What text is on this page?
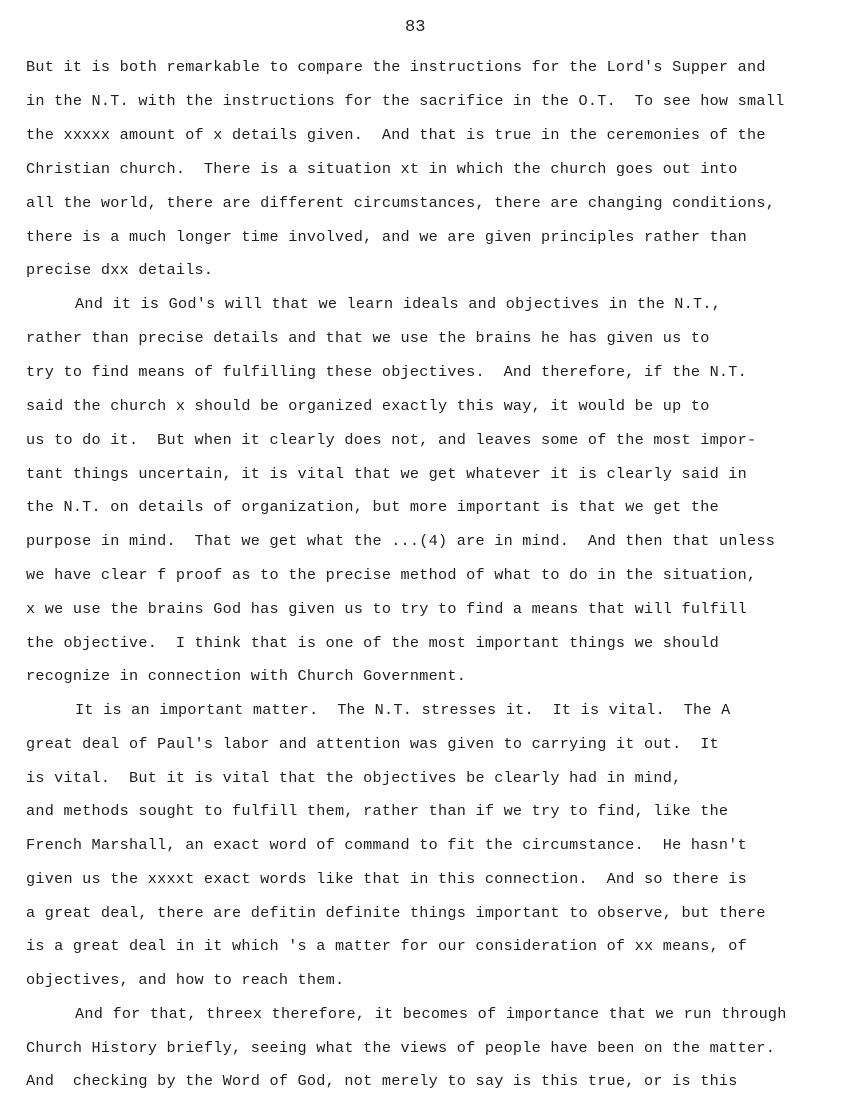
83
But it is both remarkable to compare the instructions for the Lord's Supper and
in the N.T. with the instructions for the sacrifice in the O.T.  To see how small
the xxxxx amount of x details given.  And that is true in the ceremonies of the
Christian church.  There is a situation xt in which the church goes out into
all the world, there are different circumstances, there are changing conditions,
there is a much longer time involved, and we are given principles rather than
precise dxx details.
And it is God's will that we learn ideals and objectives in the N.T.,
rather than precise details and that we use the brains he has given us to
try to find means of fulfilling these objectives.  And therefore, if the N.T.
said the church x should be organized exactly this way, it would be up to
us to do it.  But when it clearly does not, and leaves some of the most impor-
tant things uncertain, it is vital that we get whatever it is clearly said in
the N.T. on details of organization, but more important is that we get the
purpose in mind.  That we get what the ...(4) are in mind.  And then that unless
we have clear f proof as to the precise method of what to do in the situation,
x we use the brains God has given us to try to find a means that will fulfill
the objective.  I think that is one of the most important things we should
recognize in connection with Church Government.
It is an important matter.  The N.T. stresses it.  It is vital.  The A
great deal of Paul's labor and attention was given to carrying it out.  It
is vital.  But it is vital that the objectives be clearly had in mind,
and methods sought to fulfill them, rather than if we try to find, like the
French Marshall, an exact word of command to fit the circumstance.  He hasn't
given us the xxxxt exact words like that in this connection.  And so there is
a great deal, there are defitin definite things important to observe, but there
is a great deal in it which 's a matter for our consideration of xx means, of
objectives, and how to reach them.
And for that, threex therefore, it becomes of importance that we run through
Church History briefly, seeing what the views of people have been on the matter.
And  checking by the Word of God, not merely to say is this true, or is this
